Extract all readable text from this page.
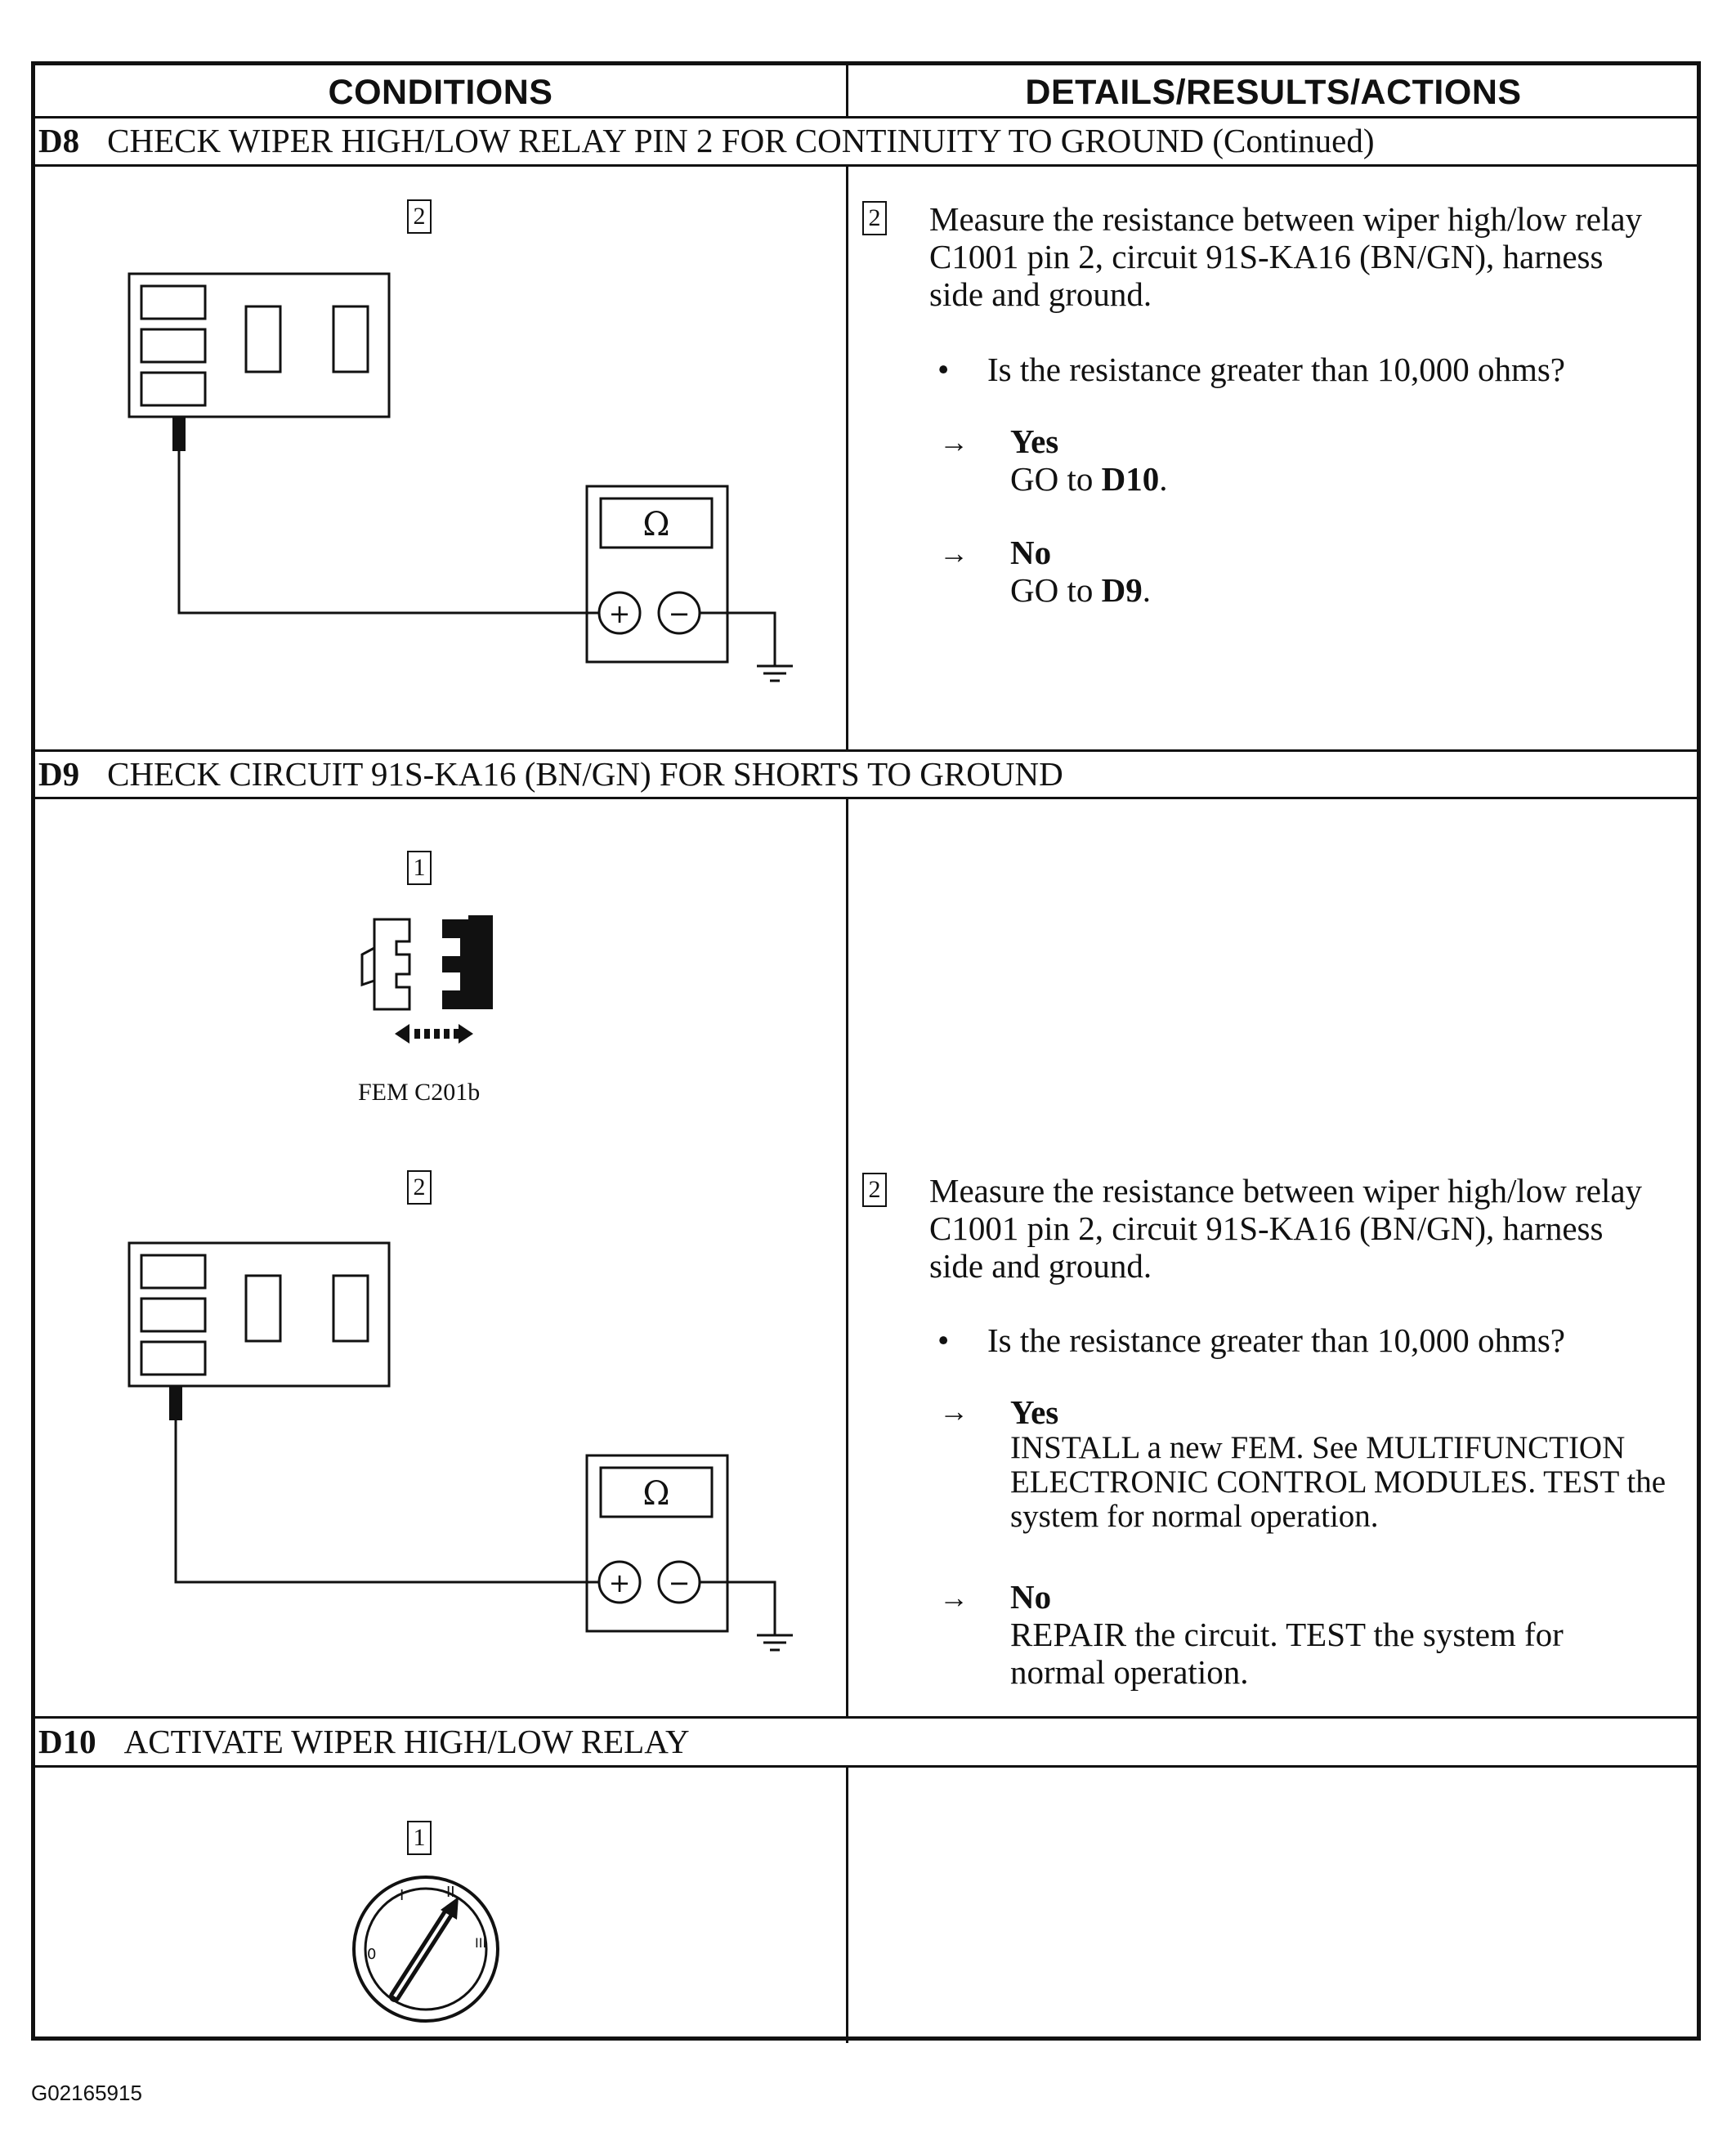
CONDITIONS	DETAILS/RESULTS/ACTIONS
D8 CHECK WIPER HIGH/LOW RELAY PIN 2 FOR CONTINUITY TO GROUND (Continued)
D9 CHECK CIRCUIT 91S-KA16 (BN/GN) FOR SHORTS TO GROUND
D10 ACTIVATE WIPER HIGH/LOW RELAY
2
Ω
+ −
2 Measure the resistance between wiper high/low relay C1001 pin 2, circuit 91S-KA16 (BN/GN), harness side and ground.
• Is the resistance greater than 10,000 ohms?
→ Yes
GO to D10.
→ No
GO to D9.
1
FEM C201b
2
Ω
+ −
2 Measure the resistance between wiper high/low relay C1001 pin 2, circuit 91S-KA16 (BN/GN), harness side and ground.
• Is the resistance greater than 10,000 ohms?
→ Yes
INSTALL a new FEM. See MULTIFUNCTION ELECTRONIC CONTROL MODULES. TEST the system for normal operation.
→ No
REPAIR the circuit. TEST the system for normal operation.
1
0
I	II
III
G02165915
